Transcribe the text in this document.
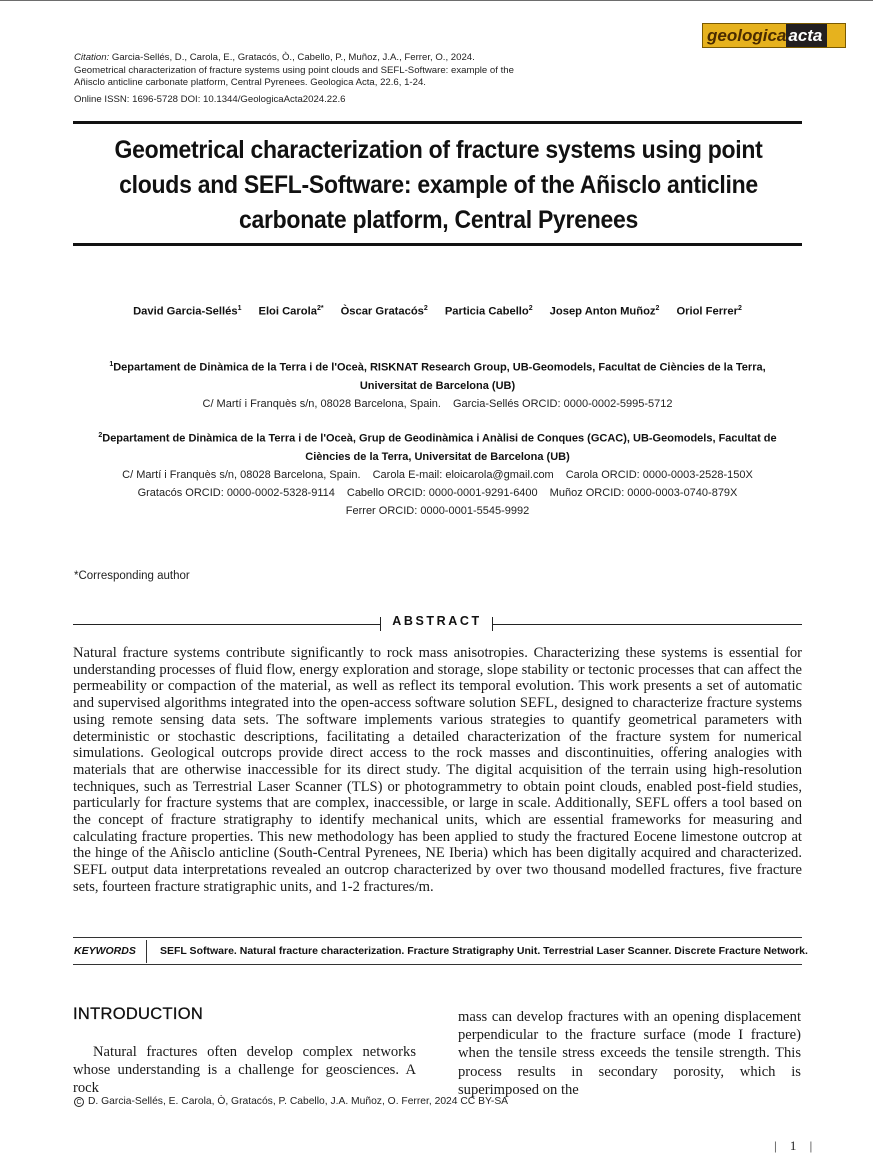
geologica acta
Citation: Garcia-Sellés, D., Carola, E., Gratacós, Ò., Cabello, P., Muñoz, J.A., Ferrer, O., 2024.
Geometrical characterization of fracture systems using point clouds and SEFL-Software: example of the
Añisclo anticline carbonate platform, Central Pyrenees. Geologica Acta, 22.6, 1-24.
Online ISSN: 1696-5728 DOI: 10.1344/GeologicaActa2024.22.6
Geometrical characterization of fracture systems using point
clouds and SEFL-Software: example of the Añisclo anticline
carbonate platform, Central Pyrenees
David Garcia-Sellés$^1$ Eloi Carola$^{2*}$ Òscar Gratacós$^2$ Particia Cabello$^2$ Josep Anton Muñoz$^2$ Oriol Ferrer$^2$
$^1$Departament de Dinàmica de la Terra i de l'Oceà, RISKNAT Research Group, UB-Geomodels, Facultat de Ciències de la Terra,
Universitat de Barcelona (UB)
C/ Martí i Franquès s/n, 08028 Barcelona, Spain. Garcia-Sellés ORCID: 0000-0002-5995-5712
$^2$Departament de Dinàmica de la Terra i de l'Oceà, Grup de Geodinàmica i Anàlisi de Conques (GCAC), UB-Geomodels, Facultat de
Ciències de la Terra, Universitat de Barcelona (UB)
C/ Martí i Franquès s/n, 08028 Barcelona, Spain. Carola E-mail: eloicarola@gmail.com Carola ORCID: 0000-0003-2528-150X
Gratacós ORCID: 0000-0002-5328-9114 Cabello ORCID: 0000-0001-9291-6400 Muñoz ORCID: 0000-0003-0740-879X
Ferrer ORCID: 0000-0001-5545-9992
*Corresponding author
ABSTRACT
Natural fracture systems contribute significantly to rock mass anisotropies. Characterizing these systems is essential for understanding processes of fluid flow, energy exploration and storage, slope stability or tectonic processes that can affect the permeability or compaction of the material, as well as reflect its temporal evolution. This work presents a set of automatic and supervised algorithms integrated into the open-access software solution SEFL, designed to characterize fracture systems using remote sensing data sets. The software implements various strategies to quantify geometrical parameters with deterministic or stochastic descriptions, facilitating a detailed characterization of the fracture system for numerical simulations. Geological outcrops provide direct access to the rock masses and discontinuities, offering analogies with materials that are otherwise inaccessible for its direct study. The digital acquisition of the terrain using high-resolution techniques, such as Terrestrial Laser Scanner (TLS) or photogrammetry to obtain point clouds, enabled post-field studies, particularly for fracture systems that are complex, inaccessible, or large in scale. Additionally, SEFL offers a tool based on the concept of fracture stratigraphy to identify mechanical units, which are essential frameworks for measuring and calculating fracture properties. This new methodology has been applied to study the fractured Eocene limestone outcrop at the hinge of the Añisclo anticline (South-Central Pyrenees, NE Iberia) which has been digitally acquired and characterized. SEFL output data interpretations revealed an outcrop characterized by over two thousand modelled fractures, five fracture sets, fourteen fracture stratigraphic units, and 1-2 fractures/m.
KEYWORDS SEFL Software. Natural fracture characterization. Fracture Stratigraphy Unit. Terrestrial Laser Scanner. Discrete Fracture Network.
INTRODUCTION
Natural fractures often develop complex networks whose understanding is a challenge for geosciences. A rock
mass can develop fractures with an opening displacement perpendicular to the fracture surface (mode I fracture) when the tensile stress exceeds the tensile strength. This process results in secondary porosity, which is superimposed on the
C D. Garcia-Sellés, E. Carola, Ò, Gratacós, P. Cabello, J.A. Muñoz, O. Ferrer, 2024 CC BY-SA
| 1 |
